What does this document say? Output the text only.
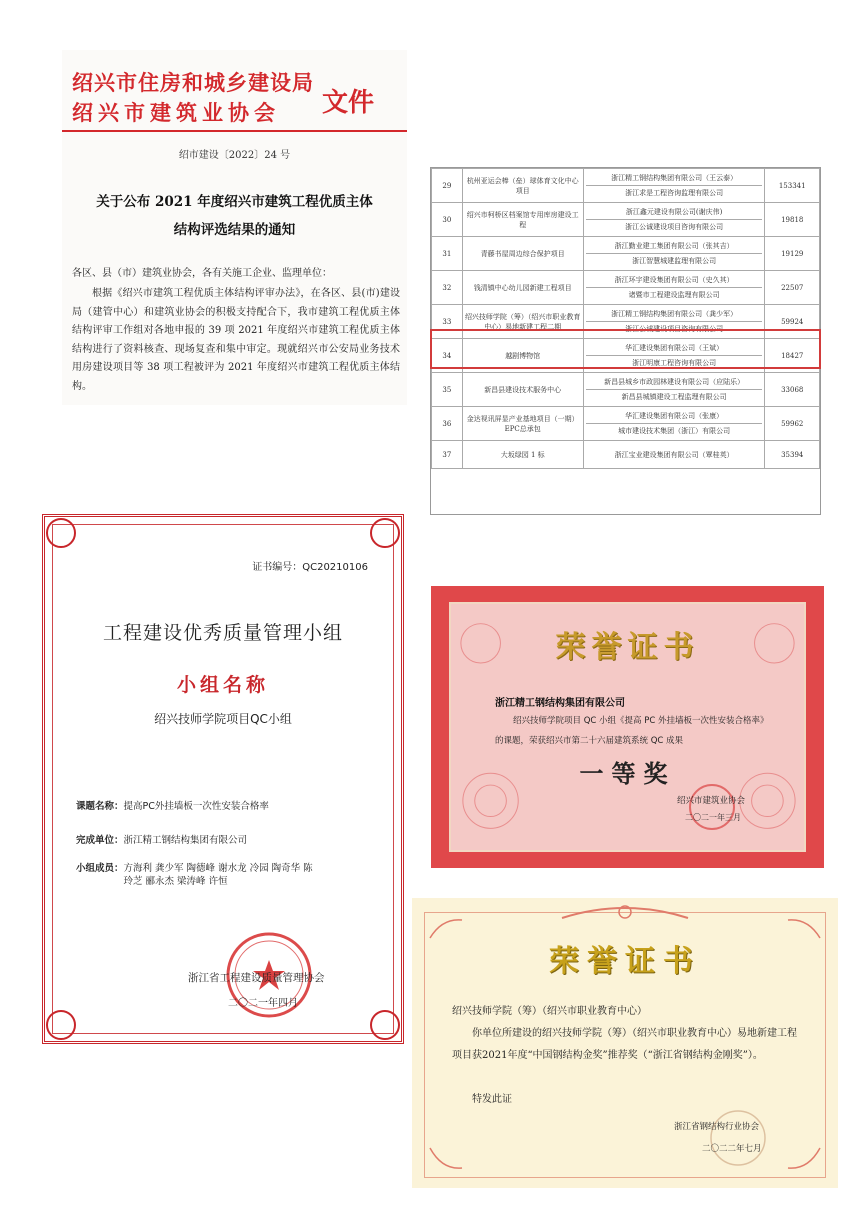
绍兴市住房和城乡建设局
绍兴市建筑业协会 文件
绍市建设〔2022〕24 号
关于公布 2021 年度绍兴市建筑工程优质主体
结构评选结果的通知
各区、县（市）建筑业协会，各有关施工企业、监理单位：
根据《绍兴市建筑工程优质主体结构评审办法》，在各区、县(市)建设局（建管中心）和建筑业协会的积极支持配合下，我市建筑工程优质主体结构评审工作组对各地申报的 39 项 2021 年度绍兴市建筑工程优质主体结构进行了资料核查、现场复查和集中审定。现就绍兴市公安局业务技术用房建设项目等 38 项工程被评为 2021 年度绍兴市建筑工程优质主体结构。
29	杭州亚运会棒（垒）球体育文化中心项目	浙江精工钢结构集团有限公司（王云泰）
浙江求是工程咨询监理有限公司	153341
30	绍兴市柯桥区档案馆专用库房建设工程	浙江鑫元建设有限公司(谢庆伟)
浙江公诚建设项目咨询有限公司	19818
31	青藤书屋周边综合保护项目	浙江勤业建工集团有限公司（张其吉）
浙江智慧城建监理有限公司	19129
32	钱清镇中心幼儿园新建工程项目	浙江环宇建设集团有限公司（史久其）
诸暨市工程建设监理有限公司	22507
33	绍兴技师学院（筹）（绍兴市职业教育中心）易地新建工程二期	浙江精工钢结构集团有限公司（龚少军）
浙江公诚建设项目咨询有限公司	59924
34	越剧博物馆	华汇建设集团有限公司（王斌）
浙江明康工程咨询有限公司	18427
35	新昌县建设技术服务中心	新昌县城乡市政园林建设有限公司（应陆乐）
新昌县城镇建设工程监理有限公司	33068
36	金达视讯屏显产业基地项目（一期）EPC总承包	华汇建设集团有限公司（张康）
城市建设技术集团（浙江）有限公司	59962
37	大坂绿园 1 标	浙江宝业建设集团有限公司（覃桂英）	35394
证书编号：QC20210106
工程建设优秀质量管理小组
小组名称
绍兴技师学院项目QC小组
课题名称：提高PC外挂墙板一次性安装合格率
完成单位：浙江精工钢结构集团有限公司
小组成员：方海利 龚少军 陶德峰 谢水龙 冷园 陶奇华 陈玲芝 郦永杰 梁涛峰 许恒
浙江省工程建设质量管理协会
二〇二一年四月
荣誉证书
浙江精工钢结构集团有限公司
绍兴技师学院项目 QC 小组《提高 PC 外挂墙板一次性安装合格率》
的课题，荣获绍兴市第二十六届建筑系统 QC 成果
一等奖
绍兴市建筑业协会
二〇二一年三月
荣誉证书
绍兴技师学院（筹）（绍兴市职业教育中心）
你单位所建设的绍兴技师学院（筹）（绍兴市职业教育中心）易地新建工程项目获2021年度“中国钢结构金奖”推荐奖（“浙江省钢结构金刚奖”）。
特发此证
浙江省钢结构行业协会
二〇二二年七月
